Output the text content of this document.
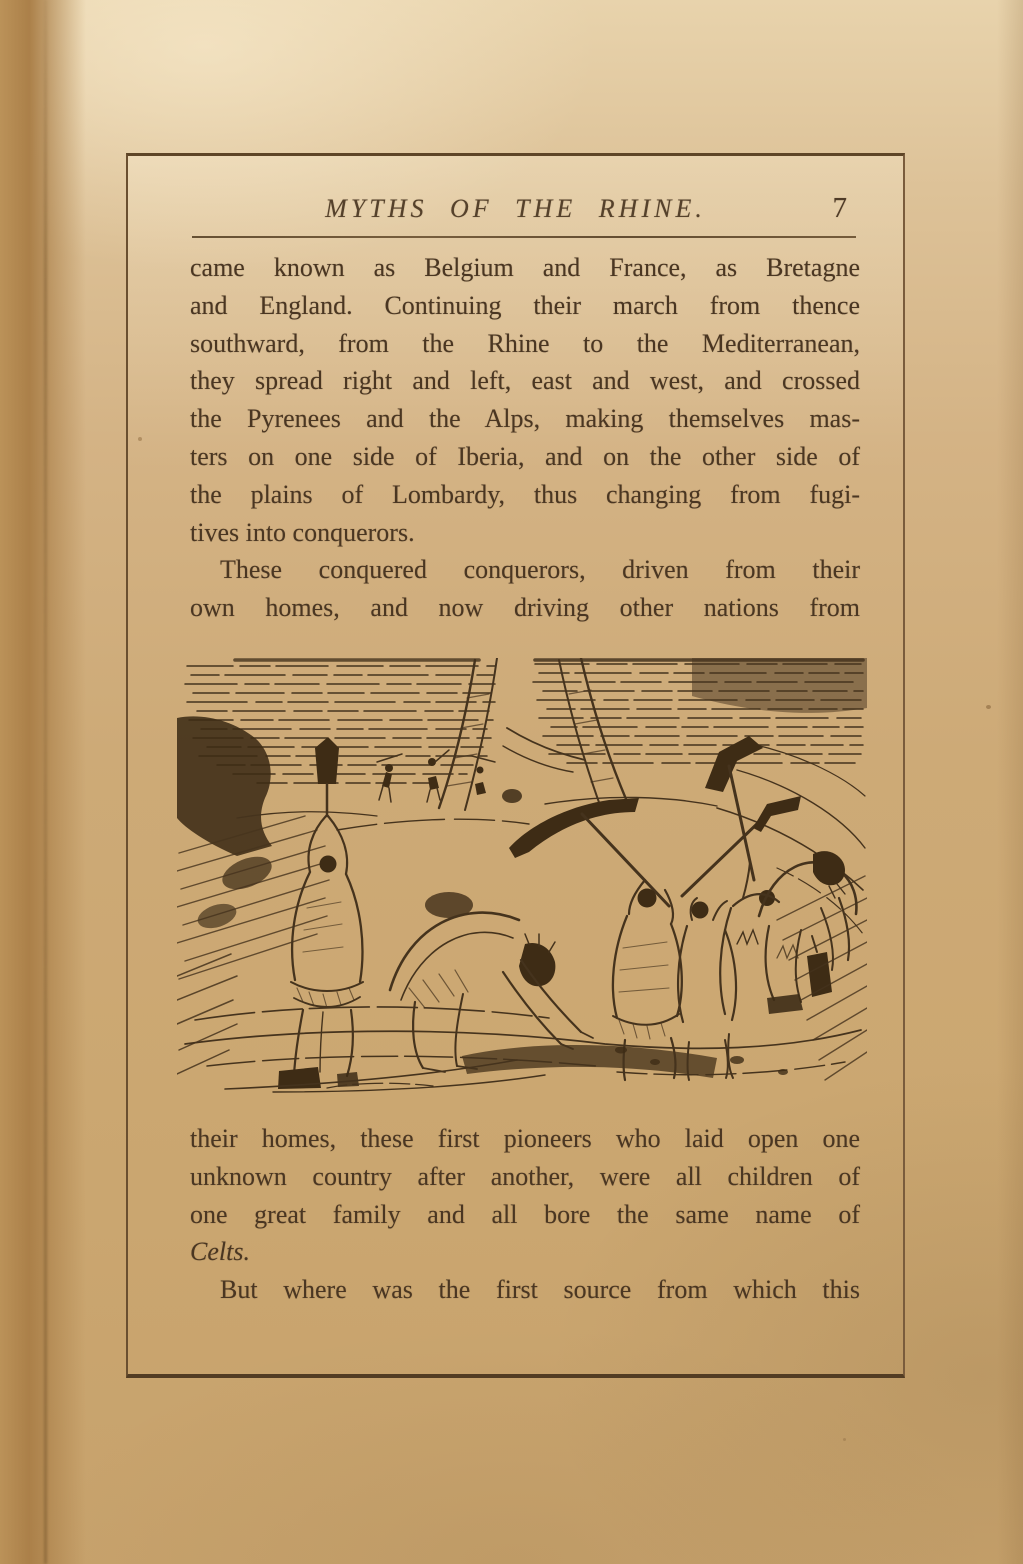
MYTHS OF THE RHINE.	7
came known as Belgium and France, as Bretagne
and England. Continuing their march from thence
southward, from the Rhine to the Mediterranean,
they spread right and left, east and west, and crossed
the Pyrenees and the Alps, making themselves mas-
ters on one side of Iberia, and on the other side of
the plains of Lombardy, thus changing from fugi-
tives into conquerors.
These conquered conquerors, driven from their
own homes, and now driving other nations from
their homes, these first pioneers who laid open one
unknown country after another, were all children of
one great family and all bore the same name of
Celts.
But where was the first source from which this
